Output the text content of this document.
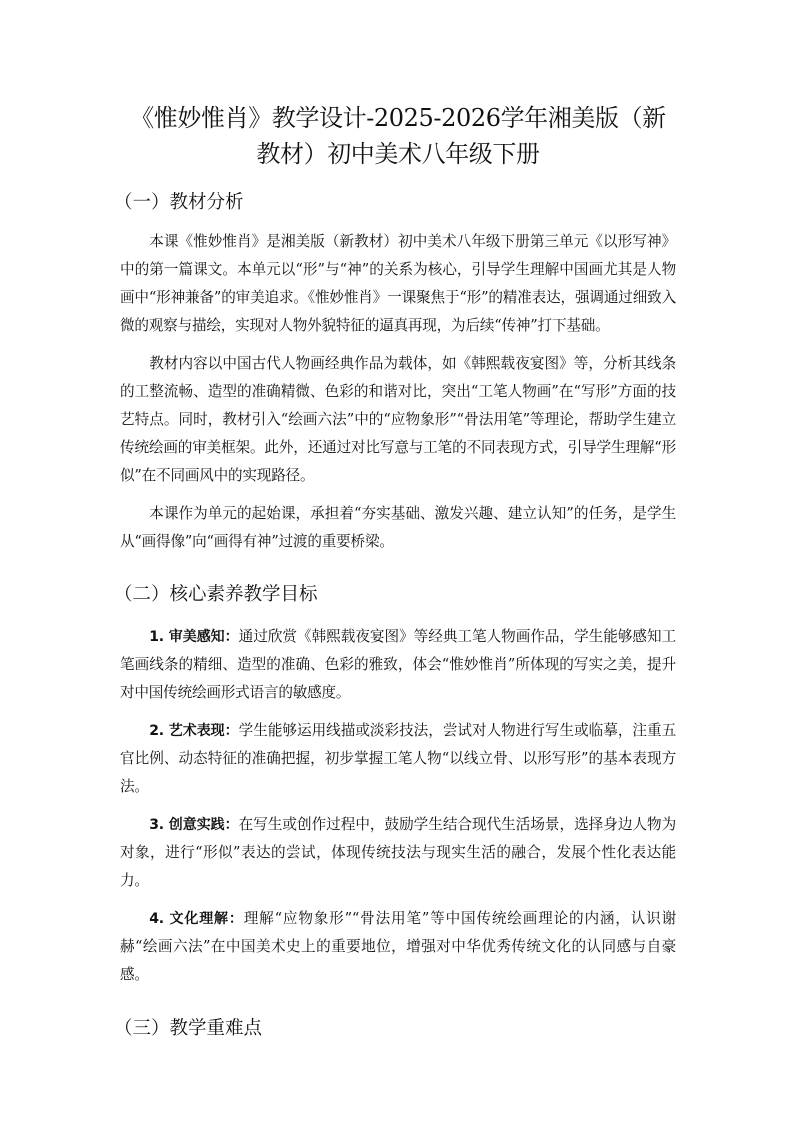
《惟妙惟肖》教学设计-2025-2026学年湘美版（新教材）初中美术八年级下册
（一）教材分析

本课《惟妙惟肖》是湘美版（新教材）初中美术八年级下册第三单元《以形写神》中的第一篇课文。本单元以“形”与“神”的关系为核心，引导学生理解中国画尤其是人物画中“形神兼备”的审美追求。《惟妙惟肖》一课聚焦于“形”的精准表达，强调通过细致入微的观察与描绘，实现对人物外貌特征的逼真再现，为后续“传神”打下基础。

教材内容以中国古代人物画经典作品为载体，如《韩熙载夜宴图》等，分析其线条的工整流畅、造型的准确精微、色彩的和谐对比，突出“工笔人物画”在“写形”方面的技艺特点。同时，教材引入“绘画六法”中的“应物象形”“骨法用笔”等理论，帮助学生建立传统绘画的审美框架。此外，还通过对比写意与工笔的不同表现方式，引导学生理解“形似”在不同画风中的实现路径。

本课作为单元的起始课，承担着“夯实基础、激发兴趣、建立认知”的任务，是学生从“画得像”向“画得有神”过渡的重要桥梁。

（二）核心素养教学目标

1. 审美感知：通过欣赏《韩熙载夜宴图》等经典工笔人物画作品，学生能够感知工笔画线条的精细、造型的准确、色彩的雅致，体会“惟妙惟肖”所体现的写实之美，提升对中国传统绘画形式语言的敏感度。

2. 艺术表现：学生能够运用线描或淡彩技法，尝试对人物进行写生或临摹，注重五官比例、动态特征的准确把握，初步掌握工笔人物“以线立骨、以形写形”的基本表现方法。

3. 创意实践：在写生或创作过程中，鼓励学生结合现代生活场景，选择身边人物为对象，进行“形似”表达的尝试，体现传统技法与现实生活的融合，发展个性化表达能力。

4. 文化理解：理解“应物象形”“骨法用笔”等中国传统绘画理论的内涵，认识谢赫“绘画六法”在中国美术史上的重要地位，增强对中华优秀传统文化的认同感与自豪感。

（三）教学重难点
